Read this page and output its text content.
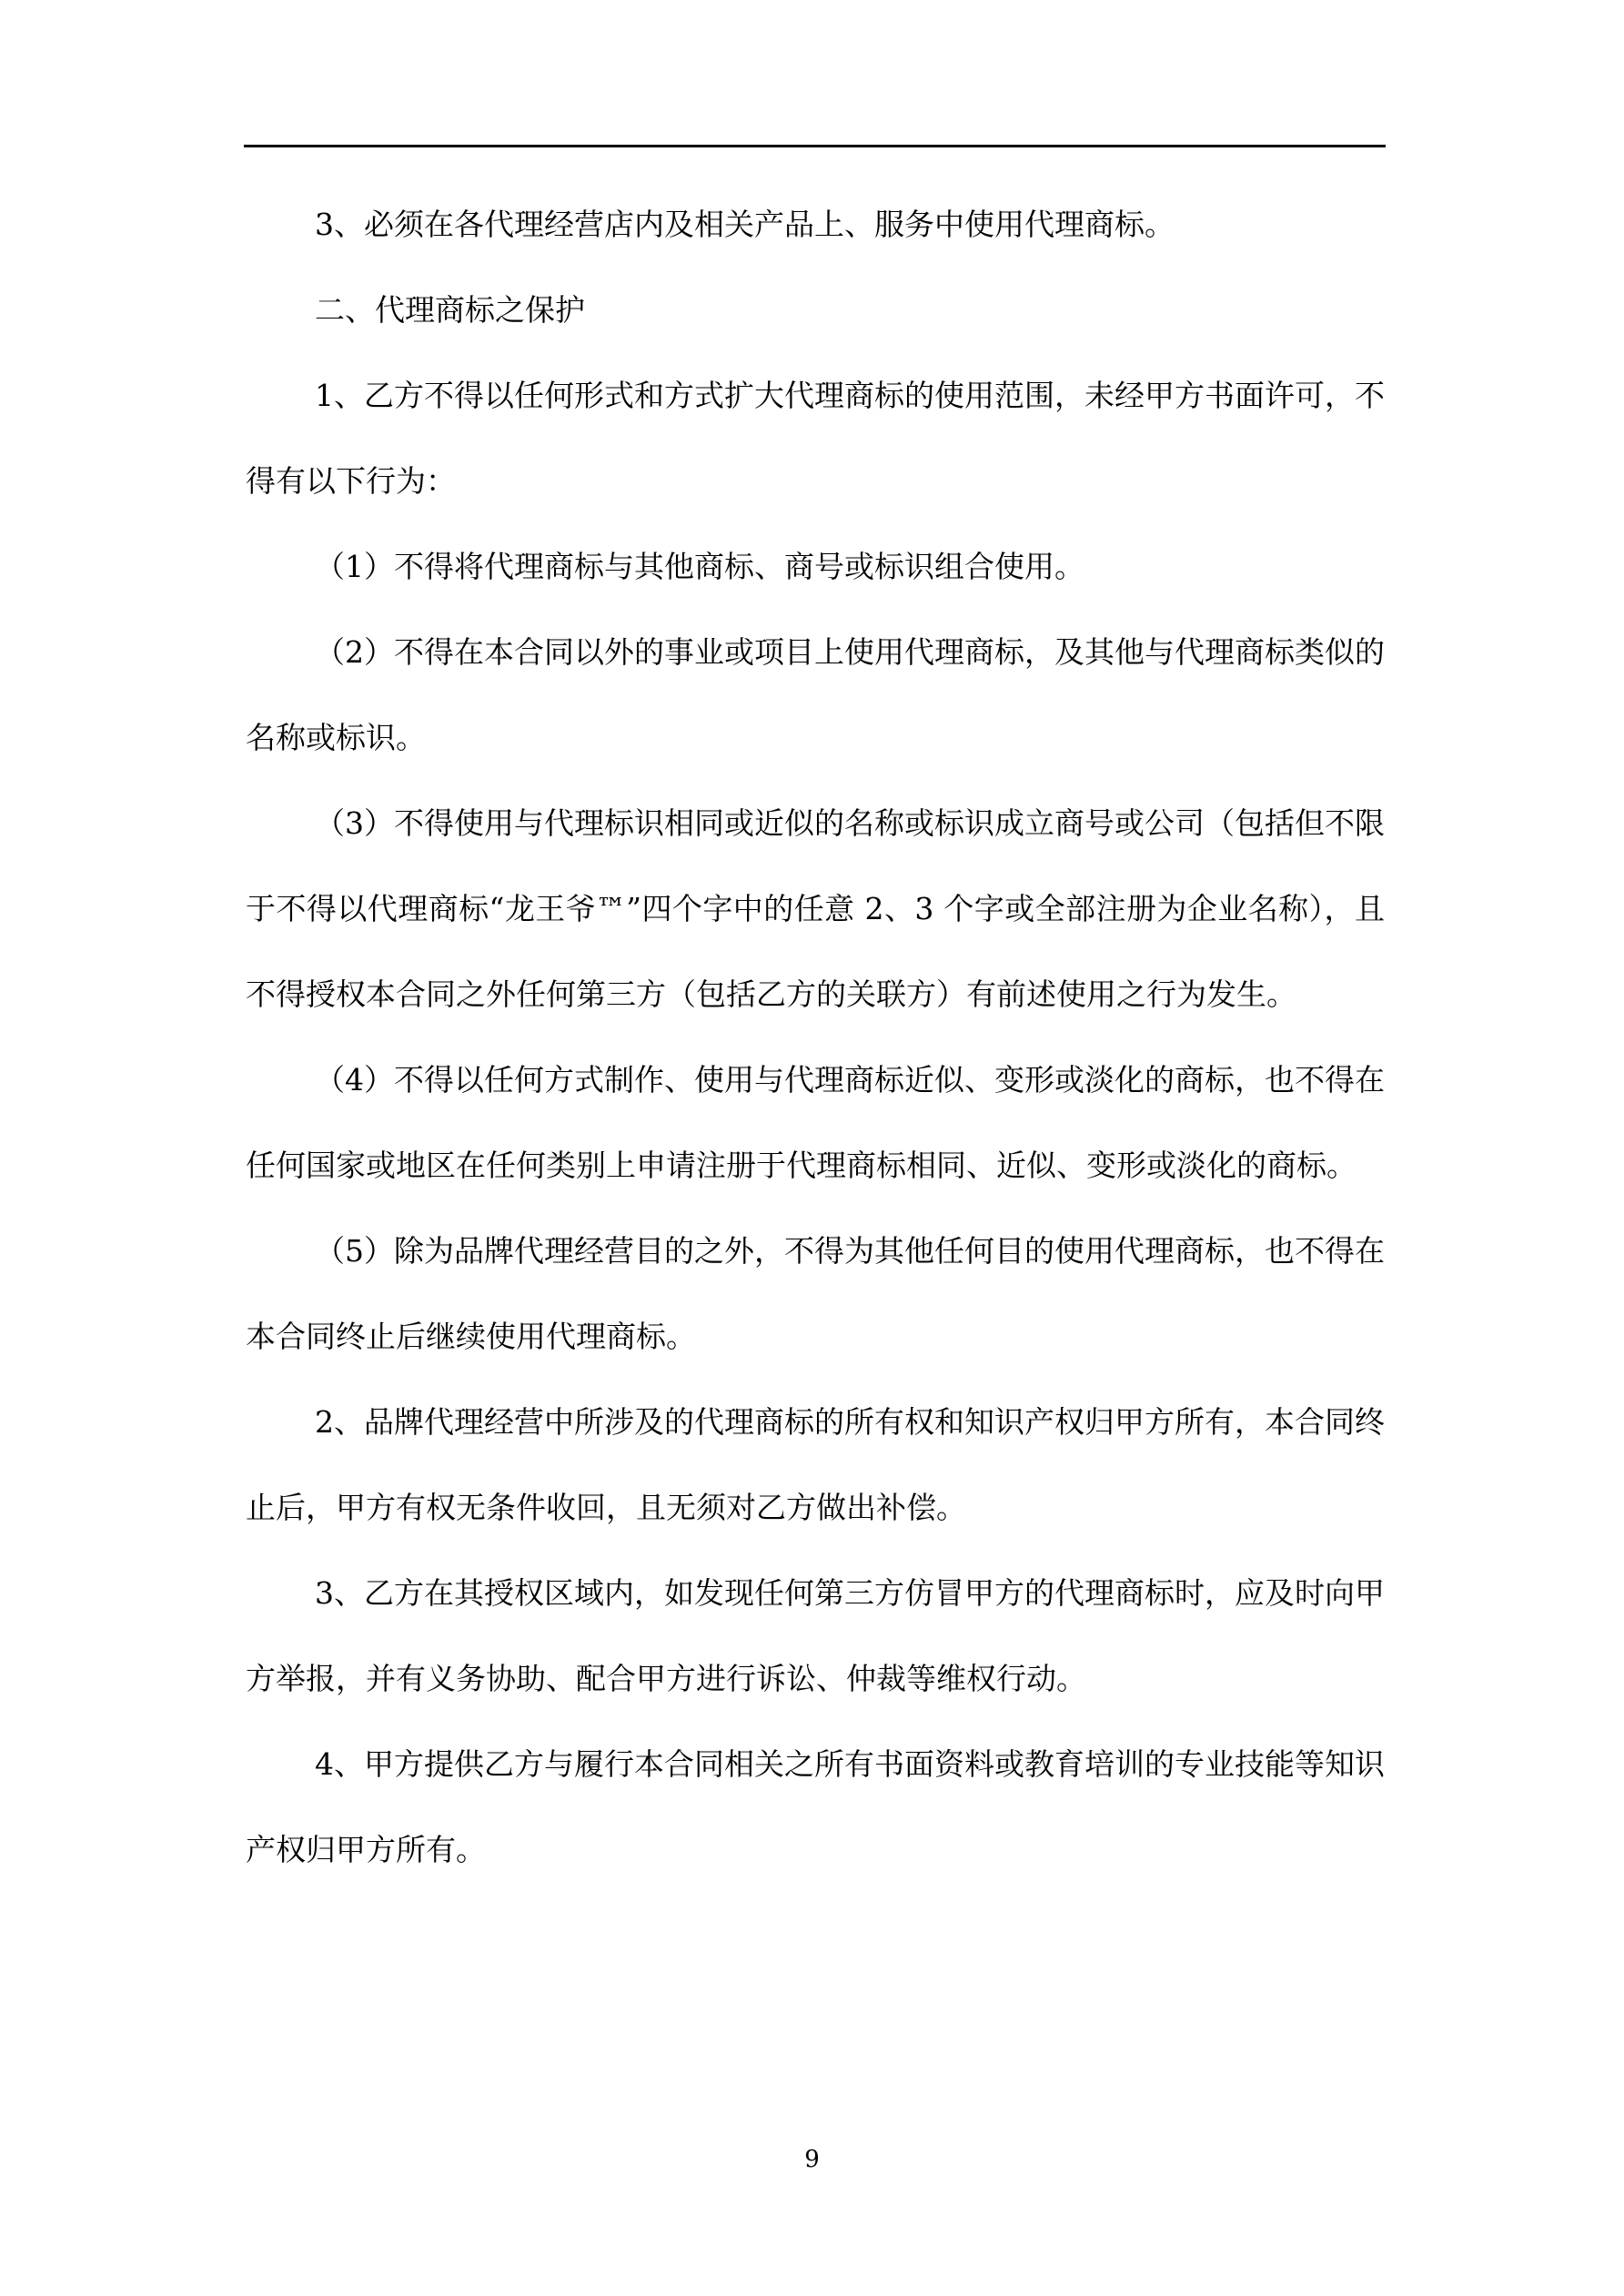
3、必须在各代理经营店内及相关产品上、服务中使用代理商标。

二、代理商标之保护

1、乙方不得以任何形式和方式扩大代理商标的使用范围，未经甲方书面许可，不得有以下行为：

（1）不得将代理商标与其他商标、商号或标识组合使用。

（2）不得在本合同以外的事业或项目上使用代理商标，及其他与代理商标类似的名称或标识。

（3）不得使用与代理标识相同或近似的名称或标识成立商号或公司（包括但不限于不得以代理商标“龙王爷™”四个字中的任意 2、3 个字或全部注册为企业名称），且不得授权本合同之外任何第三方（包括乙方的关联方）有前述使用之行为发生。

（4）不得以任何方式制作、使用与代理商标近似、变形或淡化的商标，也不得在任何国家或地区在任何类别上申请注册于代理商标相同、近似、变形或淡化的商标。

（5）除为品牌代理经营目的之外，不得为其他任何目的使用代理商标，也不得在本合同终止后继续使用代理商标。

2、品牌代理经营中所涉及的代理商标的所有权和知识产权归甲方所有，本合同终止后，甲方有权无条件收回，且无须对乙方做出补偿。

3、乙方在其授权区域内，如发现任何第三方仿冒甲方的代理商标时，应及时向甲方举报，并有义务协助、配合甲方进行诉讼、仲裁等维权行动。

4、甲方提供乙方与履行本合同相关之所有书面资料或教育培训的专业技能等知识产权归甲方所有。

9
